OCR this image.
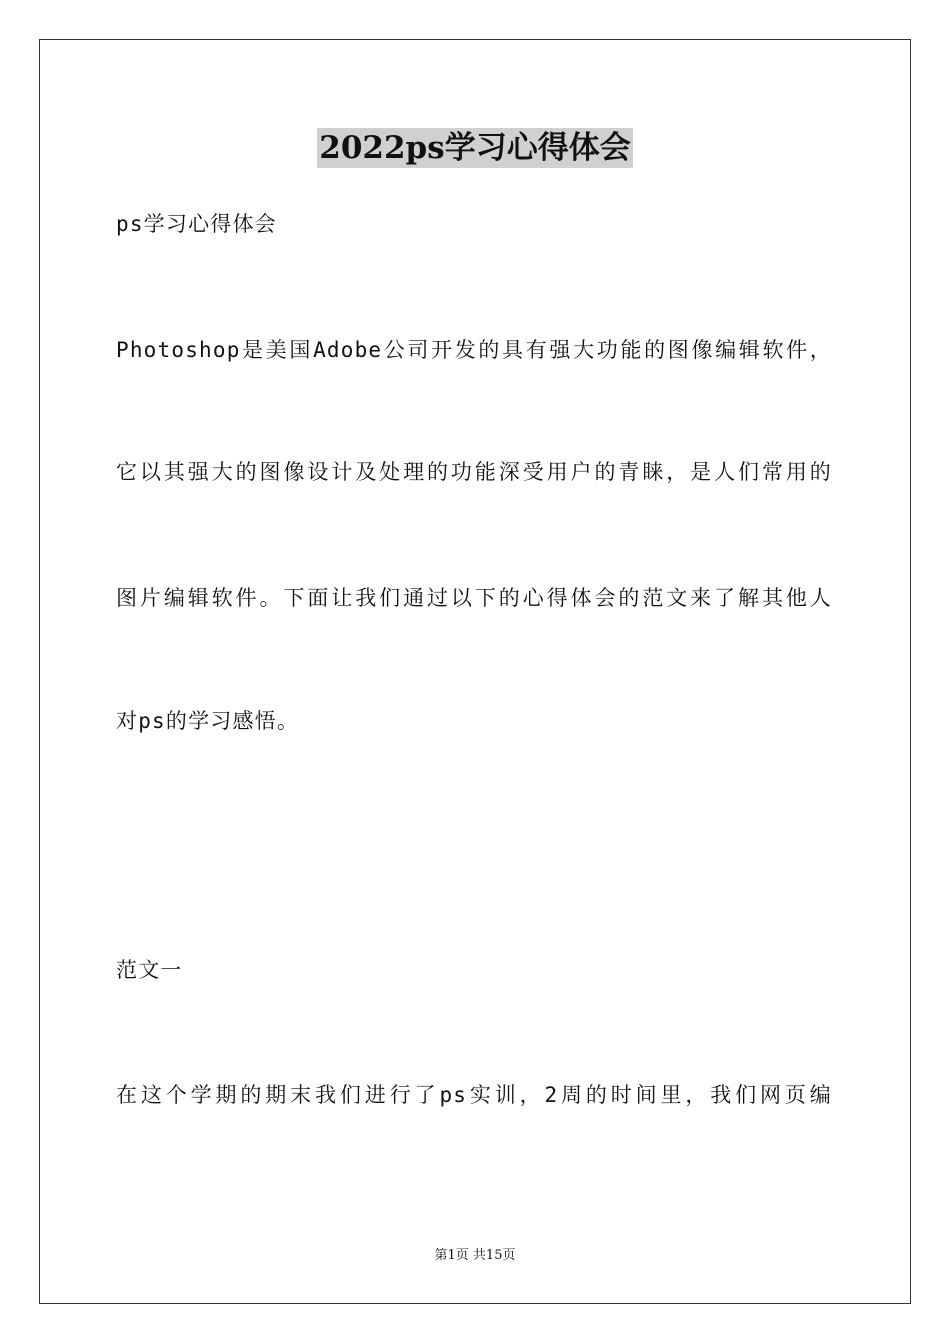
2022ps学习心得体会
ps学习心得体会
Photoshop是美国Adobe公司开发的具有强大功能的图像编辑软件，
它以其强大的图像设计及处理的功能深受用户的青睐，是人们常用的
图片编辑软件。下面让我们通过以下的心得体会的范文来了解其他人
对ps的学习感悟。
范文一
在这个学期的期末我们进行了ps实训，2周的时间里，我们网页编
第1页 共15页
